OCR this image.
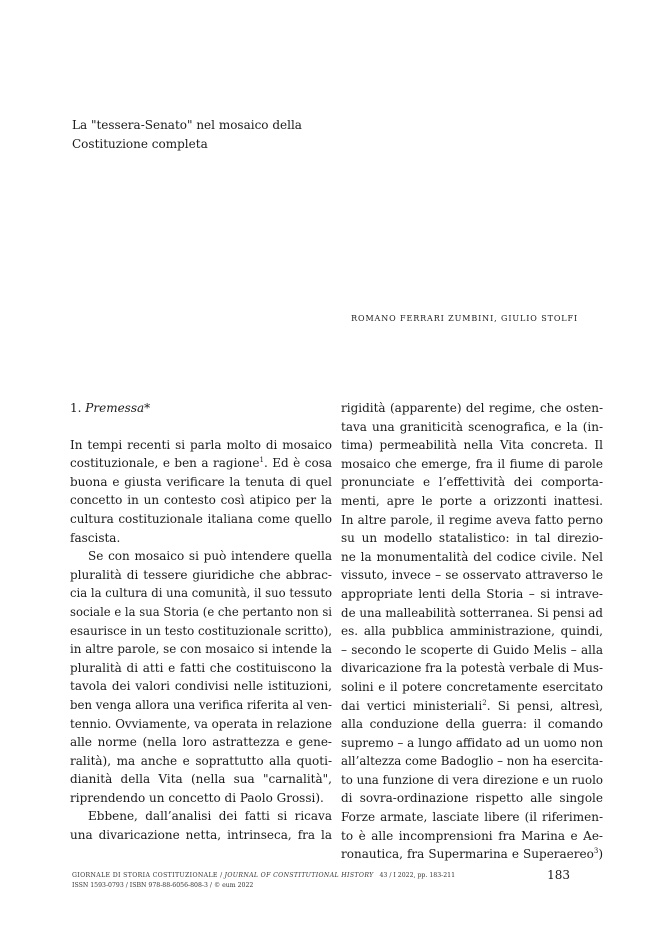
La "tessera-Senato" nel mosaico della
Costituzione completa
ROMANO FERRARI ZUMBINI, GIULIO STOLFI
1. Premessa*
In tempi recenti si parla molto di mosaico
costituzionale, e ben a ragione$^1$. Ed è cosa
buona e giusta verificare la tenuta di quel
concetto in un contesto così atipico per la
cultura costituzionale italiana come quello
fascista.
Se con mosaico si può intendere quella
pluralità di tessere giuridiche che abbrac-
cia la cultura di una comunità, il suo tessuto
sociale e la sua Storia (e che pertanto non si
esaurisce in un testo costituzionale scritto),
in altre parole, se con mosaico si intende la
pluralità di atti e fatti che costituiscono la
tavola dei valori condivisi nelle istituzioni,
ben venga allora una verifica riferita al ven-
tennio. Ovviamente, va operata in relazione
alle norme (nella loro astrattezza e gene-
ralità), ma anche e soprattutto alla quoti-
dianità della Vita (nella sua "carnalità",
riprendendo un concetto di Paolo Grossi).
Ebbene, dall’analisi dei fatti si ricava
una divaricazione netta, intrinseca, fra la
rigidità (apparente) del regime, che osten-
tava una graniticità scenografica, e la (in-
tima) permeabilità nella Vita concreta. Il
mosaico che emerge, fra il fiume di parole
pronunciate e l’effettività dei comporta-
menti, apre le porte a orizzonti inattesi.
In altre parole, il regime aveva fatto perno
su un modello statalistico: in tal direzio-
ne la monumentalità del codice civile. Nel
vissuto, invece – se osservato attraverso le
appropriate lenti della Storia – si intrave-
de una malleabilità sotterranea. Si pensi ad
es. alla pubblica amministrazione, quindi,
– secondo le scoperte di Guido Melis – alla
divaricazione fra la potestà verbale di Mus-
solini e il potere concretamente esercitato
dai vertici ministeriali$^2$. Si pensi, altresì,
alla conduzione della guerra: il comando
supremo – a lungo affidato ad un uomo non
all’altezza come Badoglio – non ha esercita-
to una funzione di vera direzione e un ruolo
di sovra-ordinazione rispetto alle singole
Forze armate, lasciate libere (il riferimen-
to è alle incomprensioni fra Marina e Ae-
ronautica, fra Supermarina e Superaereo$^3$)
GIORNALE DI STORIA COSTITUZIONALE / JOURNAL OF CONSTITUTIONAL HISTORY 43 / I 2022, pp. 183-211
ISSN 1593-0793 / ISBN 978-88-6056-808-3 / © eum 2022
183
